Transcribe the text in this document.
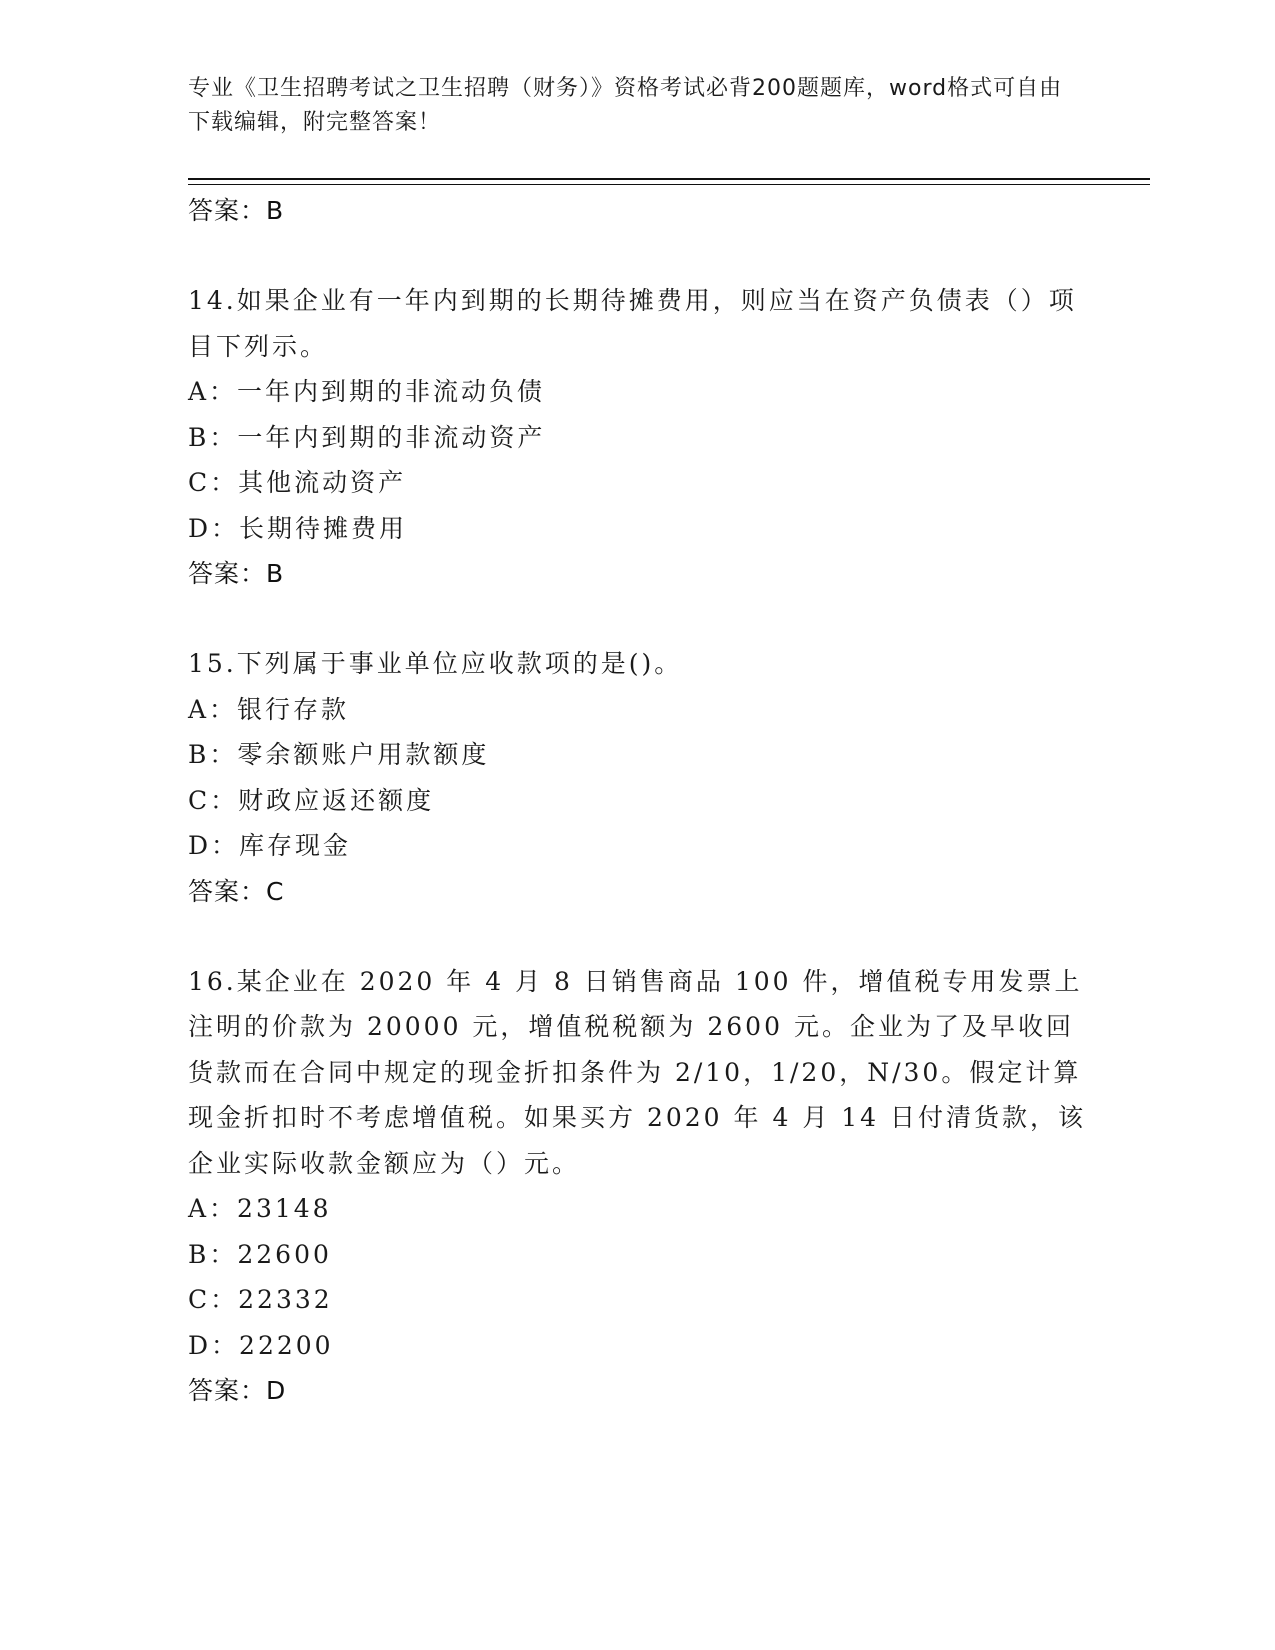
专业《卫生招聘考试之卫生招聘（财务）》资格考试必背200题题库，word格式可自由下载编辑，附完整答案！
答案：B
14.如果企业有一年内到期的长期待摊费用，则应当在资产负债表（）项目下列示。
A：一年内到期的非流动负债
B：一年内到期的非流动资产
C：其他流动资产
D：长期待摊费用
答案：B
15.下列属于事业单位应收款项的是()。
A：银行存款
B：零余额账户用款额度
C：财政应返还额度
D：库存现金
答案：C
16.某企业在 2020 年 4 月 8 日销售商品 100 件，增值税专用发票上注明的价款为 20000 元，增值税税额为 2600 元。企业为了及早收回货款而在合同中规定的现金折扣条件为 2/10，1/20，N/30。假定计算现金折扣时不考虑增值税。如果买方 2020 年 4 月 14 日付清货款，该企业实际收款金额应为（）元。
A：23148
B：22600
C：22332
D：22200
答案：D
